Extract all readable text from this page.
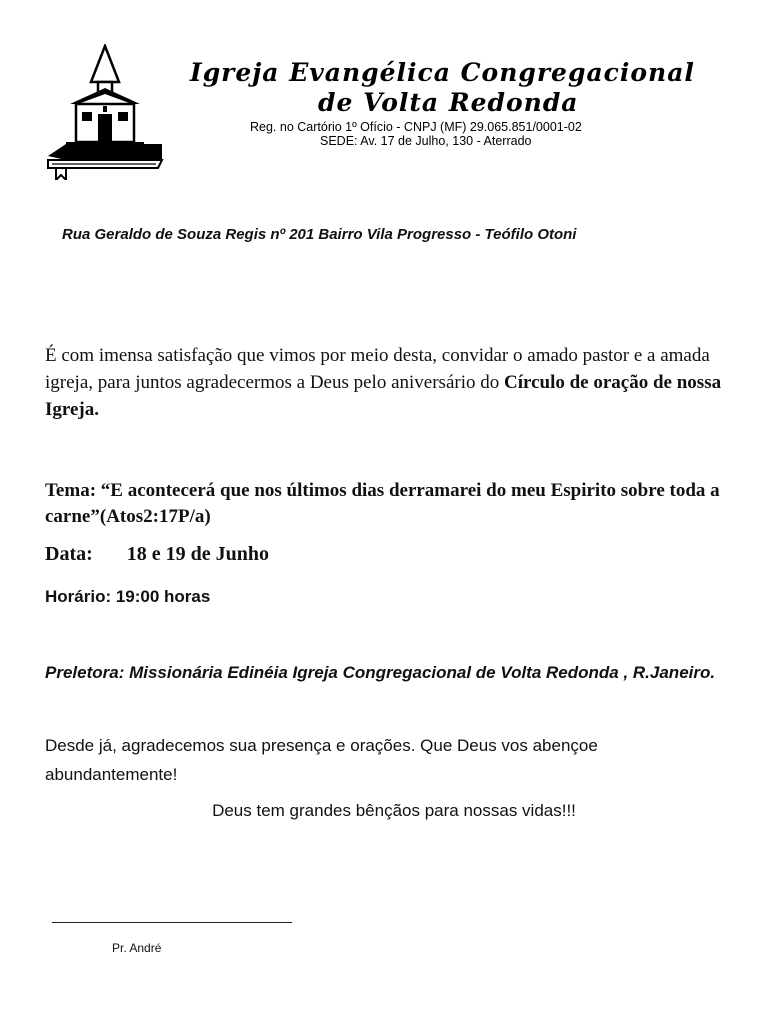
Igreja Evangélica Congregacional
de Volta Redonda
Reg. no Cartório 1º Ofício - CNPJ (MF) 29.065.851/0001-02
SEDE: Av. 17 de Julho, 130 - Aterrado
Rua Geraldo de Souza Regis nº 201 Bairro Vila Progresso - Teófilo Otoni
É com imensa satisfação que vimos por meio desta, convidar o amado pastor e a amada igreja, para juntos agradecermos a Deus pelo aniversário do Círculo de oração de nossa Igreja.
Tema: “E acontecerá que nos últimos dias derramarei do meu Espirito sobre toda a carne”(Atos2:17P/a)
Data: 18 e 19 de Junho
Horário: 19:00 horas
Preletora: Missionária Edinéia Igreja Congregacional de Volta Redonda , R.Janeiro.
Desde já, agradecemos sua presença e orações. Que Deus vos abençoe abundantemente!
Deus tem grandes bênçãos para nossas vidas!!!
Pr. André
